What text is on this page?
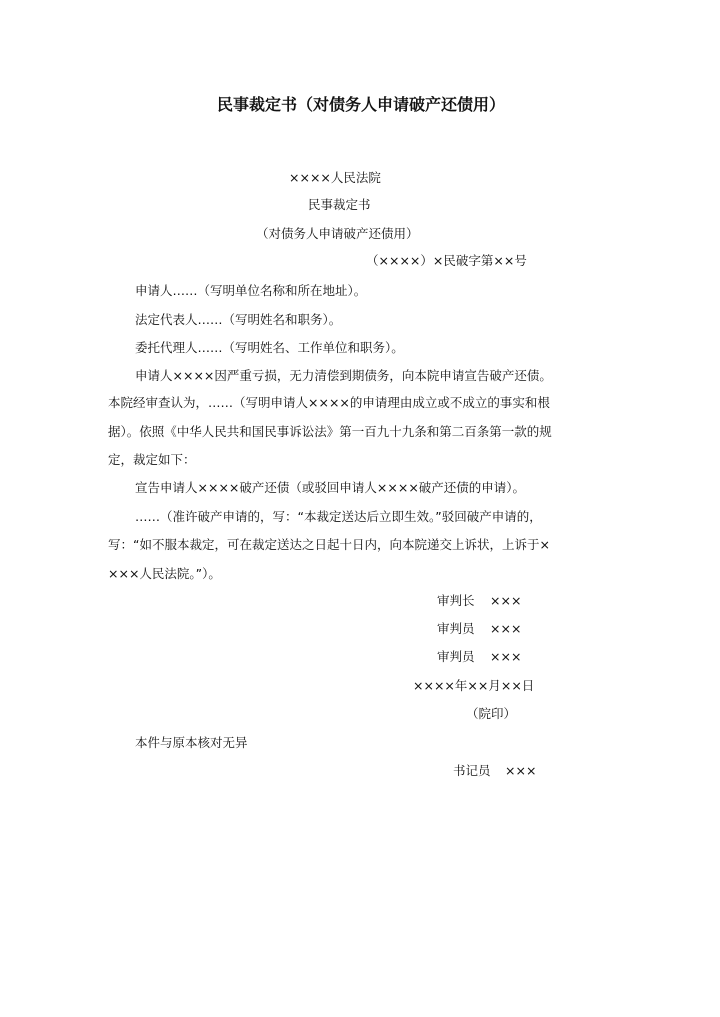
民事裁定书（对债务人申请破产还债用）
××××人民法院
民事裁定书
（对债务人申请破产还债用）
（××××）×民破字第××号
申请人……（写明单位名称和所在地址）。
法定代表人……（写明姓名和职务）。
委托代理人……（写明姓名、工作单位和职务）。
申请人××××因严重亏损，无力清偿到期债务，向本院申请宣告破产还债。
本院经审查认为，……（写明申请人××××的申请理由成立或不成立的事实和根
据）。依照《中华人民共和国民事诉讼法》第一百九十九条和第二百条第一款的规
定，裁定如下：
宣告申请人××××破产还债（或驳回申请人××××破产还债的申请）。
……（准许破产申请的，写：“本裁定送达后立即生效。”驳回破产申请的，
写：“如不服本裁定，可在裁定送达之日起十日内，向本院递交上诉状，上诉于×
×××人民法院。”）。
审判长 ×××
审判员 ×××
审判员 ×××
××××年××月××日
（院印）
本件与原本核对无异
书记员 ×××
